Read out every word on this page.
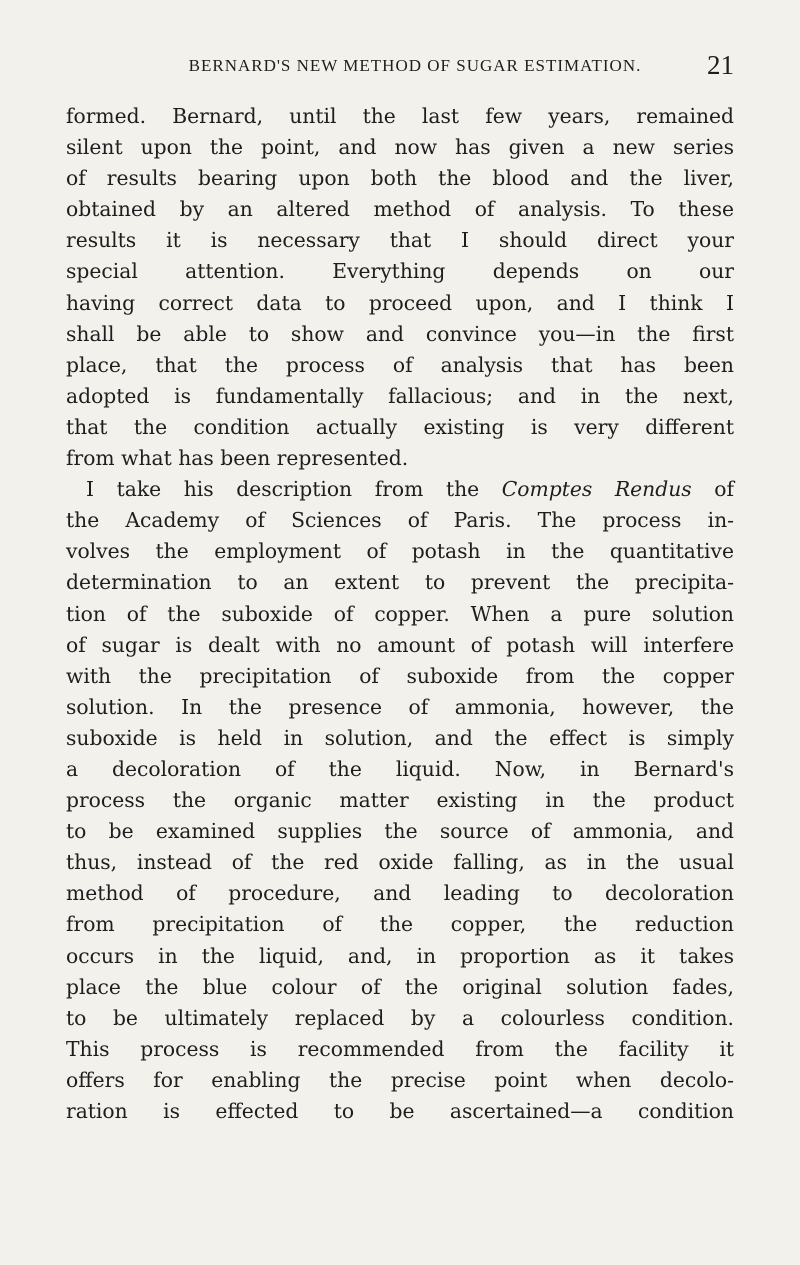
BERNARD'S NEW METHOD OF SUGAR ESTIMATION. 21
formed. Bernard, until the last few years, remained
silent upon the point, and now has given a new series
of results bearing upon both the blood and the liver,
obtained by an altered method of analysis. To these
results it is necessary that I should direct your
special attention. Everything depends on our
having correct data to proceed upon, and I think I
shall be able to show and convince you—in the first
place, that the process of analysis that has been
adopted is fundamentally fallacious; and in the next,
that the condition actually existing is very different
from what has been represented.
I take his description from the Comptes Rendus of
the Academy of Sciences of Paris. The process in-
volves the employment of potash in the quantitative
determination to an extent to prevent the precipita-
tion of the suboxide of copper. When a pure solution
of sugar is dealt with no amount of potash will interfere
with the precipitation of suboxide from the copper
solution. In the presence of ammonia, however, the
suboxide is held in solution, and the effect is simply
a decoloration of the liquid. Now, in Bernard's
process the organic matter existing in the product
to be examined supplies the source of ammonia, and
thus, instead of the red oxide falling, as in the usual
method of procedure, and leading to decoloration
from precipitation of the copper, the reduction
occurs in the liquid, and, in proportion as it takes
place the blue colour of the original solution fades,
to be ultimately replaced by a colourless condition.
This process is recommended from the facility it
offers for enabling the precise point when decolo-
ration is effected to be ascertained—a condition
